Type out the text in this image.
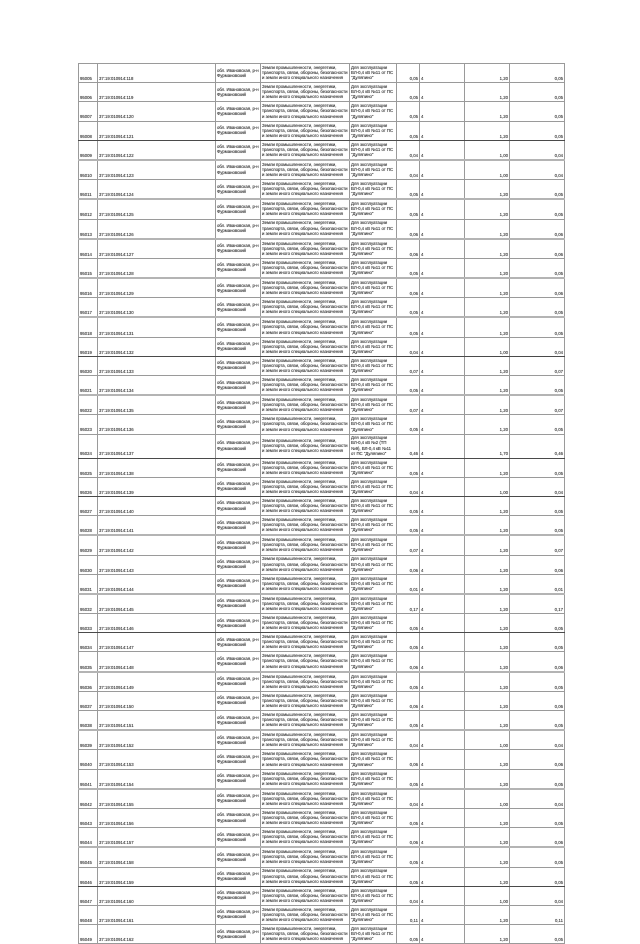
95005	37:19:010914:118	обл. Ивановская, р-н Фурмановский	Земли промышленности, энергетики, транспорта, связи, обороны, безопасности и земли иного специального назначения	Для эксплуатации ВЛ-0,4 кВ №11 от ПС "Дуляпино"	0,05	4	1,20	0,05
95006	37:19:010914:119	обл. Ивановская, р-н Фурмановский	Земли промышленности, энергетики, транспорта, связи, обороны, безопасности и земли иного специального назначения	Для эксплуатации ВЛ-0,4 кВ №11 от ПС "Дуляпино"	0,05	4	1,20	0,05
95007	37:19:010914:120	обл. Ивановская, р-н Фурмановский	Земли промышленности, энергетики, транспорта, связи, обороны, безопасности и земли иного специального назначения	Для эксплуатации ВЛ-0,4 кВ №11 от ПС "Дуляпино"	0,05	4	1,20	0,05
95008	37:19:010914:121	обл. Ивановская, р-н Фурмановский	Земли промышленности, энергетики, транспорта, связи, обороны, безопасности и земли иного специального назначения	Для эксплуатации ВЛ-0,4 кВ №11 от ПС "Дуляпино"	0,05	4	1,20	0,05
95009	37:19:010914:122	обл. Ивановская, р-н Фурмановский	Земли промышленности, энергетики, транспорта, связи, обороны, безопасности и земли иного специального назначения	Для эксплуатации ВЛ-0,4 кВ №11 от ПС "Дуляпино"	0,04	4	1,00	0,04
95010	37:19:010914:123	обл. Ивановская, р-н Фурмановский	Земли промышленности, энергетики, транспорта, связи, обороны, безопасности и земли иного специального назначения	Для эксплуатации ВЛ-0,4 кВ №11 от ПС "Дуляпино"	0,04	4	1,00	0,04
95011	37:19:010914:124	обл. Ивановская, р-н Фурмановский	Земли промышленности, энергетики, транспорта, связи, обороны, безопасности и земли иного специального назначения	Для эксплуатации ВЛ-0,4 кВ №11 от ПС "Дуляпино"	0,05	4	1,20	0,05
95012	37:19:010914:125	обл. Ивановская, р-н Фурмановский	Земли промышленности, энергетики, транспорта, связи, обороны, безопасности и земли иного специального назначения	Для эксплуатации ВЛ-0,4 кВ №11 от ПС "Дуляпино"	0,05	4	1,20	0,05
95013	37:19:010914:126	обл. Ивановская, р-н Фурмановский	Земли промышленности, энергетики, транспорта, связи, обороны, безопасности и земли иного специального назначения	Для эксплуатации ВЛ-0,4 кВ №11 от ПС "Дуляпино"	0,06	4	1,20	0,06
95014	37:19:010914:127	обл. Ивановская, р-н Фурмановский	Земли промышленности, энергетики, транспорта, связи, обороны, безопасности и земли иного специального назначения	Для эксплуатации ВЛ-0,4 кВ №11 от ПС "Дуляпино"	0,06	4	1,20	0,06
95015	37:19:010914:128	обл. Ивановская, р-н Фурмановский	Земли промышленности, энергетики, транспорта, связи, обороны, безопасности и земли иного специального назначения	Для эксплуатации ВЛ-0,4 кВ №11 от ПС "Дуляпино"	0,05	4	1,20	0,05
95016	37:19:010914:129	обл. Ивановская, р-н Фурмановский	Земли промышленности, энергетики, транспорта, связи, обороны, безопасности и земли иного специального назначения	Для эксплуатации ВЛ-0,4 кВ №11 от ПС "Дуляпино"	0,06	4	1,20	0,06
95017	37:19:010914:130	обл. Ивановская, р-н Фурмановский	Земли промышленности, энергетики, транспорта, связи, обороны, безопасности и земли иного специального назначения	Для эксплуатации ВЛ-0,4 кВ №11 от ПС "Дуляпино"	0,05	4	1,20	0,05
95018	37:19:010914:131	обл. Ивановская, р-н Фурмановский	Земли промышленности, энергетики, транспорта, связи, обороны, безопасности и земли иного специального назначения	Для эксплуатации ВЛ-0,4 кВ №11 от ПС "Дуляпино"	0,05	4	1,20	0,05
95019	37:19:010914:132	обл. Ивановская, р-н Фурмановский	Земли промышленности, энергетики, транспорта, связи, обороны, безопасности и земли иного специального назначения	Для эксплуатации ВЛ-0,4 кВ №11 от ПС "Дуляпино"	0,04	4	1,00	0,04
95020	37:19:010914:133	обл. Ивановская, р-н Фурмановский	Земли промышленности, энергетики, транспорта, связи, обороны, безопасности и земли иного специального назначения	Для эксплуатации ВЛ-0,4 кВ №11 от ПС "Дуляпино"	0,07	4	1,20	0,07
95021	37:19:010914:134	обл. Ивановская, р-н Фурмановский	Земли промышленности, энергетики, транспорта, связи, обороны, безопасности и земли иного специального назначения	Для эксплуатации ВЛ-0,4 кВ №11 от ПС "Дуляпино"	0,05	4	1,20	0,05
95022	37:19:010914:135	обл. Ивановская, р-н Фурмановский	Земли промышленности, энергетики, транспорта, связи, обороны, безопасности и земли иного специального назначения	Для эксплуатации ВЛ-0,4 кВ №11 от ПС "Дуляпино"	0,07	4	1,20	0,07
95023	37:19:010914:136	обл. Ивановская, р-н Фурмановский	Земли промышленности, энергетики, транспорта, связи, обороны, безопасности и земли иного специального назначения	Для эксплуатации ВЛ-0,4 кВ №11 от ПС "Дуляпино"	0,05	4	1,20	0,05
95024	37:19:010914:137	обл. Ивановская, р-н Фурмановский	Земли промышленности, энергетики, транспорта, связи, обороны, безопасности и земли иного специального назначения	Для эксплуатации ВЛ-0,4 кВ №2 (ТП №9), ВЛ-0,4 кВ №11 от ПС "Дуляпино"	0,46	4	1,70	0,46
95025	37:19:010914:138	обл. Ивановская, р-н Фурмановский	Земли промышленности, энергетики, транспорта, связи, обороны, безопасности и земли иного специального назначения	Для эксплуатации ВЛ-0,4 кВ №11 от ПС "Дуляпино"	0,05	4	1,20	0,05
95026	37:19:010914:139	обл. Ивановская, р-н Фурмановский	Земли промышленности, энергетики, транспорта, связи, обороны, безопасности и земли иного специального назначения	Для эксплуатации ВЛ-0,4 кВ №11 от ПС "Дуляпино"	0,04	4	1,00	0,04
95027	37:19:010914:140	обл. Ивановская, р-н Фурмановский	Земли промышленности, энергетики, транспорта, связи, обороны, безопасности и земли иного специального назначения	Для эксплуатации ВЛ-0,4 кВ №11 от ПС "Дуляпино"	0,05	4	1,20	0,05
95028	37:19:010914:141	обл. Ивановская, р-н Фурмановский	Земли промышленности, энергетики, транспорта, связи, обороны, безопасности и земли иного специального назначения	Для эксплуатации ВЛ-0,4 кВ №11 от ПС "Дуляпино"	0,05	4	1,20	0,05
95029	37:19:010914:142	обл. Ивановская, р-н Фурмановский	Земли промышленности, энергетики, транспорта, связи, обороны, безопасности и земли иного специального назначения	Для эксплуатации ВЛ-0,4 кВ №11 от ПС "Дуляпино"	0,07	4	1,20	0,07
95030	37:19:010914:143	обл. Ивановская, р-н Фурмановский	Земли промышленности, энергетики, транспорта, связи, обороны, безопасности и земли иного специального назначения	Для эксплуатации ВЛ-0,4 кВ №11 от ПС "Дуляпино"	0,06	4	1,20	0,06
95031	37:19:010914:144	обл. Ивановская, р-н Фурмановский	Земли промышленности, энергетики, транспорта, связи, обороны, безопасности и земли иного специального назначения	Для эксплуатации ВЛ-0,4 кВ №11 от ПС "Дуляпино"	0,01	4	1,20	0,01
95032	37:19:010914:145	обл. Ивановская, р-н Фурмановский	Земли промышленности, энергетики, транспорта, связи, обороны, безопасности и земли иного специального назначения	Для эксплуатации ВЛ-0,4 кВ №11 от ПС "Дуляпино"	0,17	4	1,20	0,17
95033	37:19:010914:146	обл. Ивановская, р-н Фурмановский	Земли промышленности, энергетики, транспорта, связи, обороны, безопасности и земли иного специального назначения	Для эксплуатации ВЛ-0,4 кВ №11 от ПС "Дуляпино"	0,05	4	1,20	0,05
95034	37:19:010914:147	обл. Ивановская, р-н Фурмановский	Земли промышленности, энергетики, транспорта, связи, обороны, безопасности и земли иного специального назначения	Для эксплуатации ВЛ-0,4 кВ №11 от ПС "Дуляпино"	0,05	4	1,20	0,05
95035	37:19:010914:148	обл. Ивановская, р-н Фурмановский	Земли промышленности, энергетики, транспорта, связи, обороны, безопасности и земли иного специального назначения	Для эксплуатации ВЛ-0,4 кВ №11 от ПС "Дуляпино"	0,06	4	1,20	0,06
95036	37:19:010914:149	обл. Ивановская, р-н Фурмановский	Земли промышленности, энергетики, транспорта, связи, обороны, безопасности и земли иного специального назначения	Для эксплуатации ВЛ-0,4 кВ №11 от ПС "Дуляпино"	0,05	4	1,20	0,05
95037	37:19:010914:150	обл. Ивановская, р-н Фурмановский	Земли промышленности, энергетики, транспорта, связи, обороны, безопасности и земли иного специального назначения	Для эксплуатации ВЛ-0,4 кВ №11 от ПС "Дуляпино"	0,06	4	1,20	0,06
95038	37:19:010914:151	обл. Ивановская, р-н Фурмановский	Земли промышленности, энергетики, транспорта, связи, обороны, безопасности и земли иного специального назначения	Для эксплуатации ВЛ-0,4 кВ №11 от ПС "Дуляпино"	0,05	4	1,20	0,05
95039	37:19:010914:152	обл. Ивановская, р-н Фурмановский	Земли промышленности, энергетики, транспорта, связи, обороны, безопасности и земли иного специального назначения	Для эксплуатации ВЛ-0,4 кВ №11 от ПС "Дуляпино"	0,04	4	1,00	0,04
95040	37:19:010914:153	обл. Ивановская, р-н Фурмановский	Земли промышленности, энергетики, транспорта, связи, обороны, безопасности и земли иного специального назначения	Для эксплуатации ВЛ-0,4 кВ №11 от ПС "Дуляпино"	0,06	4	1,20	0,06
95041	37:19:010914:154	обл. Ивановская, р-н Фурмановский	Земли промышленности, энергетики, транспорта, связи, обороны, безопасности и земли иного специального назначения	Для эксплуатации ВЛ-0,4 кВ №11 от ПС "Дуляпино"	0,05	4	1,20	0,05
95042	37:19:010914:155	обл. Ивановская, р-н Фурмановский	Земли промышленности, энергетики, транспорта, связи, обороны, безопасности и земли иного специального назначения	Для эксплуатации ВЛ-0,4 кВ №11 от ПС "Дуляпино"	0,04	4	1,00	0,04
95043	37:19:010914:156	обл. Ивановская, р-н Фурмановский	Земли промышленности, энергетики, транспорта, связи, обороны, безопасности и земли иного специального назначения	Для эксплуатации ВЛ-0,4 кВ №11 от ПС "Дуляпино"	0,05	4	1,20	0,05
95044	37:19:010914:157	обл. Ивановская, р-н Фурмановский	Земли промышленности, энергетики, транспорта, связи, обороны, безопасности и земли иного специального назначения	Для эксплуатации ВЛ-0,4 кВ №11 от ПС "Дуляпино"	0,06	4	1,20	0,06
95045	37:19:010914:158	обл. Ивановская, р-н Фурмановский	Земли промышленности, энергетики, транспорта, связи, обороны, безопасности и земли иного специального назначения	Для эксплуатации ВЛ-0,4 кВ №11 от ПС "Дуляпино"	0,05	4	1,20	0,05
95046	37:19:010914:159	обл. Ивановская, р-н Фурмановский	Земли промышленности, энергетики, транспорта, связи, обороны, безопасности и земли иного специального назначения	Для эксплуатации ВЛ-0,4 кВ №11 от ПС "Дуляпино"	0,05	4	1,20	0,05
95047	37:19:010914:160	обл. Ивановская, р-н Фурмановский	Земли промышленности, энергетики, транспорта, связи, обороны, безопасности и земли иного специального назначения	Для эксплуатации ВЛ-0,4 кВ №11 от ПС "Дуляпино"	0,04	4	1,00	0,04
95048	37:19:010914:161	обл. Ивановская, р-н Фурмановский	Земли промышленности, энергетики, транспорта, связи, обороны, безопасности и земли иного специального назначения	Для эксплуатации ВЛ-0,4 кВ №11 от ПС "Дуляпино"	0,11	4	1,20	0,11
95049	37:19:010914:162	обл. Ивановская, р-н Фурмановский	Земли промышленности, энергетики, транспорта, связи, обороны, безопасности и земли иного специального назначения	Для эксплуатации ВЛ-0,4 кВ №11 от ПС "Дуляпино"	0,05	4	1,20	0,05
